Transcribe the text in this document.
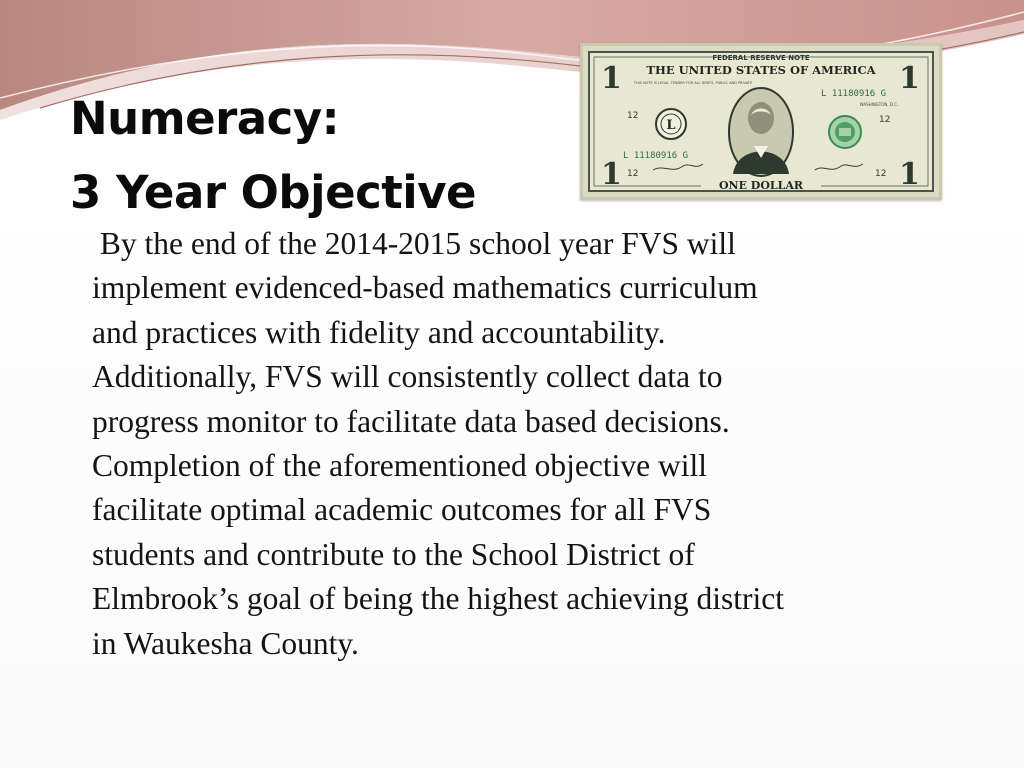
Numeracy:
3 Year Objective
1	1
1	1
FEDERAL RESERVE NOTE
THE UNITED STATES OF AMERICA
THIS NOTE IS LEGAL TENDER FOR ALL DEBTS, PUBLIC AND PRIVATE
L
L 11180916 G
L 11180916 G
12	12
12	12
WASHINGTON, D.C.
ONE DOLLAR
By the end of the 2014-2015 school year FVS will
implement evidenced-based mathematics curriculum
and practices with fidelity and accountability.
Additionally, FVS will consistently collect data to
progress monitor to facilitate data based decisions.
Completion of the aforementioned objective will
facilitate optimal academic outcomes for all FVS
students and contribute to the School District of
Elmbrook’s goal of being the highest achieving district
in Waukesha County.
